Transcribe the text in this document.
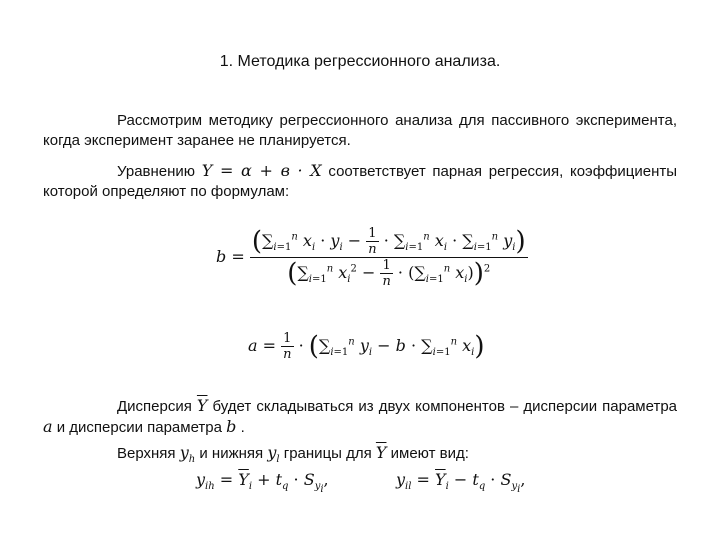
1. Методика регрессионного анализа.
Рассмотрим методику регрессионного анализа для пассивного эксперимента, когда эксперимент заранее не планируется.
Уравнению Y = α + в · X соответствует парная регрессия, коэффициенты которой определяют по формулам:
$b = \frac{(\sum_{i=1}^n x_i \cdot y_i - \frac{1}{n} \cdot \sum_{i=1}^n x_i \cdot \sum_{i=1}^n y_i)}{(\sum_{i=1}^n x_i^2 - \frac{1}{n} \cdot (\sum_{i=1}^n x_i))^2}$
$a = \frac{1}{n} \cdot (\sum_{i=1}^n$ $y_i - b \cdot \sum_{i=1}^n$ $x_i$)
Дисперсия $\overline{Y}$ будет складываться из двух компонентов – дисперсии параметра a и дисперсии параметра b .
Верхняя $y_h$ и нижняя $y_l$ границы для $\overline{Y}$ имеют вид:
$y_{ih} = \overline{Y}_i + t_q \cdot S_{y_i}$,	$y_{il} = \overline{Y}_i - t_q \cdot S_{y_i}$,
